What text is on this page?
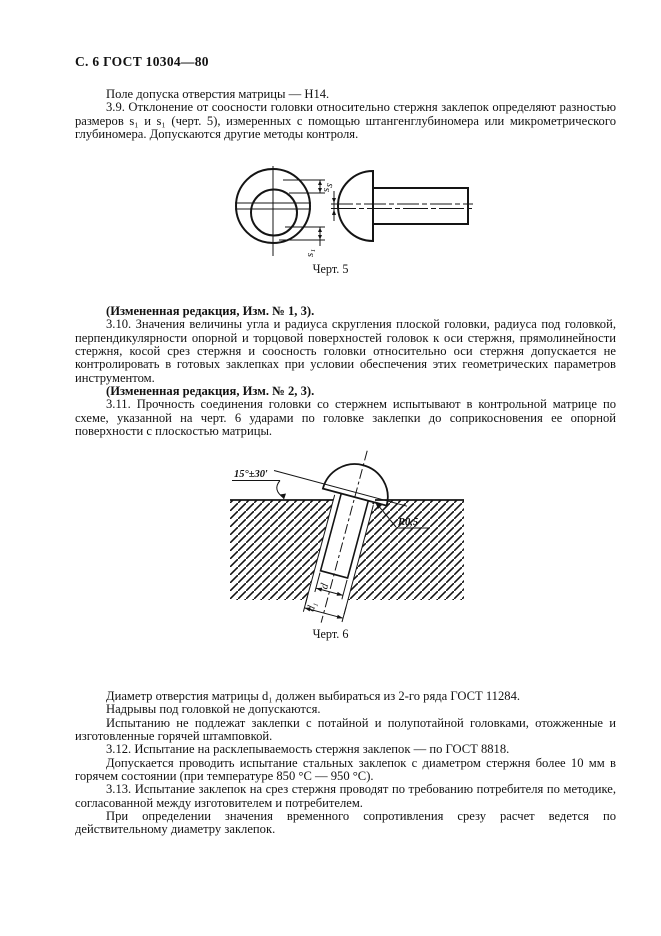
С. 6 ГОСТ 10304—80

Поле допуска отверстия матрицы — Н14.

3.9. Отклонение от соосности головки относительно стержня заклепок определяют разностью размеров s₁ и s₁ (черт. 5), измеренных с помощью штангенглубиномера или микрометрического глубиномера. Допускаются другие методы контроля.

s
s₁
s
Черт. 5

(Измененная редакция, Изм. № 1, 3).

3.10. Значения величины угла и радиуса скругления плоской головки, радиуса под головкой, перпендикулярности опорной и торцовой поверхностей головок к оси стержня, прямолинейности стержня, косой срез стержня и соосность головки относительно оси стержня допускается не контролировать в готовых заклепках при условии обеспечения этих геометрических параметров инструментом.

(Измененная редакция, Изм. № 2, 3).

3.11. Прочность соединения головки со стержнем испытывают в контрольной матрице по схеме, указанной на черт. 6 ударами по головке заклепки до соприкосновения ее опорной поверхности с плоскостью матрицы.

d
d₁
15°±30′
R0,5
Черт. 6

Диаметр отверстия матрицы d₁ должен выбираться из 2-го ряда ГОСТ 11284.

Надрывы под головкой не допускаются.

Испытанию не подлежат заклепки с потайной и полупотайной головками, отожженные и изготовленные горячей штамповкой.

3.12. Испытание на расклепываемость стержня заклепок — по ГОСТ 8818.

Допускается проводить испытание стальных заклепок с диаметром стержня более 10 мм в горячем состоянии (при температуре 850 °С — 950 °С).

3.13. Испытание заклепок на срез стержня проводят по требованию потребителя по методике, согласованной между изготовителем и потребителем.

При определении значения временного сопротивления срезу расчет ведется по действительному диаметру заклепок.
